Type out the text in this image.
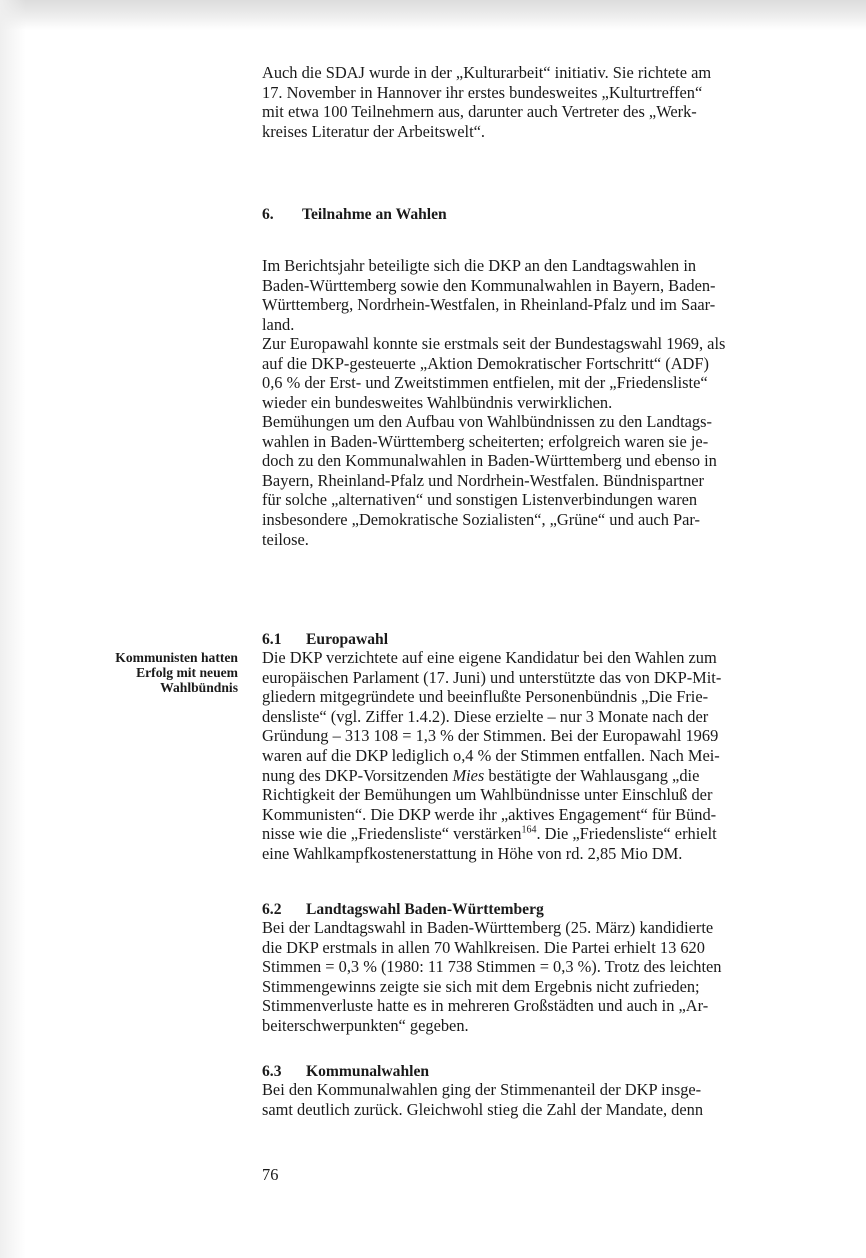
Auch die SDAJ wurde in der „Kulturarbeit“ initiativ. Sie richtete am

17. November in Hannover ihr erstes bundesweites „Kulturtreffen“

mit etwa 100 Teilnehmern aus, darunter auch Vertreter des „Werk-

kreises Literatur der Arbeitswelt“.

6. Teilnahme an Wahlen

Im Berichtsjahr beteiligte sich die DKP an den Landtagswahlen in

Baden-Württemberg sowie den Kommunalwahlen in Bayern, Baden-

Württemberg, Nordrhein-Westfalen, in Rheinland-Pfalz und im Saar-

land.

Zur Europawahl konnte sie erstmals seit der Bundestagswahl 1969, als

auf die DKP-gesteuerte „Aktion Demokratischer Fortschritt“ (ADF)

0,6 % der Erst- und Zweitstimmen entfielen, mit der „Friedensliste“

wieder ein bundesweites Wahlbündnis verwirklichen.

Bemühungen um den Aufbau von Wahlbündnissen zu den Landtags-

wahlen in Baden-Württemberg scheiterten; erfolgreich waren sie je-

doch zu den Kommunalwahlen in Baden-Württemberg und ebenso in

Bayern, Rheinland-Pfalz und Nordrhein-Westfalen. Bündnispartner

für solche „alternativen“ und sonstigen Listenverbindungen waren

insbesondere „Demokratische Sozialisten“, „Grüne“ und auch Par-

teilose.

Kommunisten hatten
Erfolg mit neuem
Wahlbündnis
6.1 Europawahl

Die DKP verzichtete auf eine eigene Kandidatur bei den Wahlen zum

europäischen Parlament (17. Juni) und unterstützte das von DKP-Mit-

gliedern mitgegründete und beeinflußte Personenbündnis „Die Frie-

densliste“ (vgl. Ziffer 1.4.2). Diese erzielte – nur 3 Monate nach der

Gründung – 313 108 = 1,3 % der Stimmen. Bei der Europawahl 1969

waren auf die DKP lediglich o,4 % der Stimmen entfallen. Nach Mei-

nung des DKP-Vorsitzenden Mies bestätigte der Wahlausgang „die

Richtigkeit der Bemühungen um Wahlbündnisse unter Einschluß der

Kommunisten“. Die DKP werde ihr „aktives Engagement“ für Bünd-

nisse wie die „Friedensliste“ verstärken$^{164}$. Die „Friedensliste“ erhielt

eine Wahlkampfkostenerstattung in Höhe von rd. 2,85 Mio DM.

6.2 Landtagswahl Baden-Württemberg

Bei der Landtagswahl in Baden-Württemberg (25. März) kandidierte

die DKP erstmals in allen 70 Wahlkreisen. Die Partei erhielt 13 620

Stimmen = 0,3 % (1980: 11 738 Stimmen = 0,3 %). Trotz des leichten

Stimmengewinns zeigte sie sich mit dem Ergebnis nicht zufrieden;

Stimmenverluste hatte es in mehreren Großstädten und auch in „Ar-

beiterschwerpunkten“ gegeben.

6.3 Kommunalwahlen

Bei den Kommunalwahlen ging der Stimmenanteil der DKP insge-

samt deutlich zurück. Gleichwohl stieg die Zahl der Mandate, denn

76
